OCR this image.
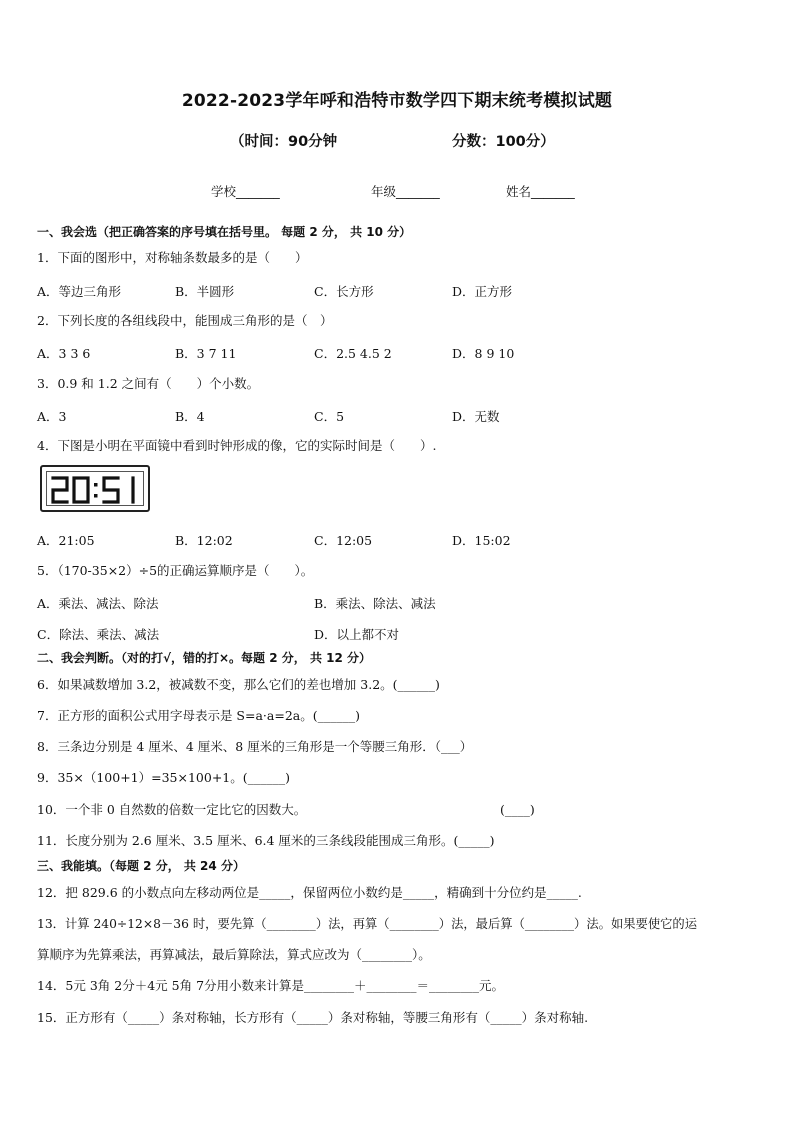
2022-2023学年呼和浩特市数学四下期末统考模拟试题
（时间：90分钟	分数：100分）
学校_______	年级_______	姓名_______
一、我会选（把正确答案的序号填在括号里。 每题 2 分， 共 10 分）
1．下面的图形中，对称轴条数最多的是（　　）
A．等边三角形	B．半圆形	C．长方形	D．正方形
2．下列长度的各组线段中，能围成三角形的是（　）
A．3 3 6	B．3 7 11	C．2.5 4.5 2	D．8 9 10
3．0.9 和 1.2 之间有（　　）个小数。
A．3	B．4	C．5	D．无数
4．下图是小明在平面镜中看到时钟形成的像，它的实际时间是（　　）.
A．21:05	B．12:02	C．12:05	D．15:02
5．（170-35×2）÷5的正确运算顺序是（　　）。
A．乘法、减法、除法	B．乘法、除法、减法
C．除法、乘法、减法	D．以上都不对
二、我会判断。（对的打√，错的打×。每题 2 分， 共 12 分）
6．如果减数增加 3.2，被减数不变，那么它们的差也增加 3.2。(______)
7．正方形的面积公式用字母表示是 S=a·a=2a。(______)
8．三条边分别是 4 厘米、4 厘米、8 厘米的三角形是一个等腰三角形．（___）
9．35×（100+1）=35×100+1。(______)
10．一个非 0 自然数的倍数一定比它的因数大。	(____)
11．长度分别为 2.6 厘米、3.5 厘米、6.4 厘米的三条线段能围成三角形。(_____)
三、我能填。（每题 2 分， 共 24 分）
12．把 829.6 的小数点向左移动两位是_____，保留两位小数约是_____，精确到十分位约是_____.
13．计算 240÷12×8－36 时，要先算（________）法，再算（________）法，最后算（________）法。如果要使它的运
算顺序为先算乘法，再算减法，最后算除法，算式应改为（________）。
14．5元 3角 2分＋4元 5角 7分用小数来计算是________＋________＝________元。
15．正方形有（_____）条对称轴，长方形有（_____）条对称轴，等腰三角形有（_____）条对称轴.
